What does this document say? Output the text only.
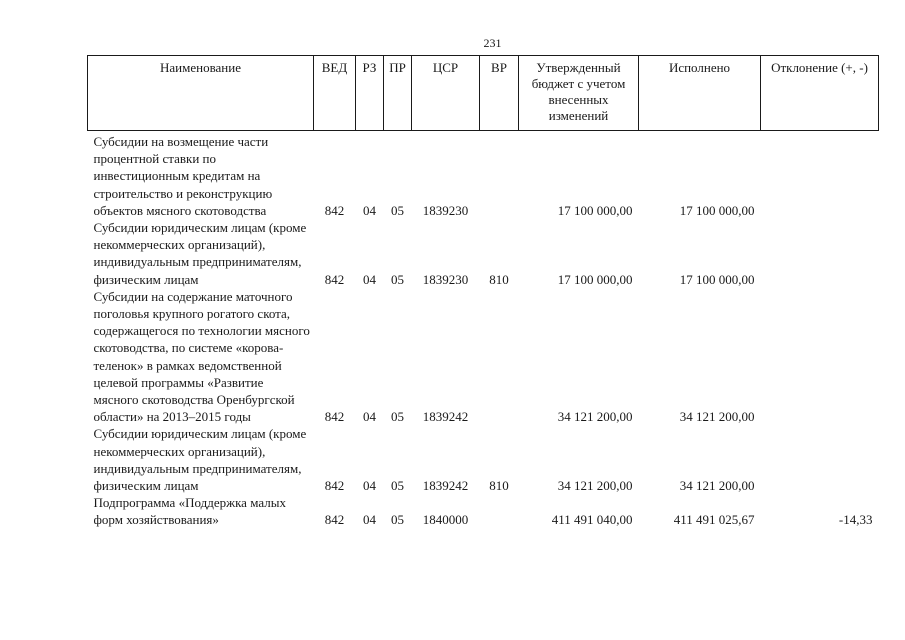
231
Наименование	ВЕД	РЗ	ПР	ЦСР	ВР	Утвержденный бюджет с учетом внесенных изменений	Исполнено	Отклонение (+, -)
Субсидии на возмещение части процентной ставки по инвестиционным кредитам на строительство и реконструкцию объектов мясного скотоводства	842	04	05	1839230		17 100 000,00	17 100 000,00	
Субсидии юридическим лицам (кроме некоммерческих организаций), индивидуальным предпринимателям, физическим лицам	842	04	05	1839230	810	17 100 000,00	17 100 000,00	
Субсидии на содержание маточного поголовья крупного рогатого скота, содержащегося по технологии мясного скотоводства, по системе «корова-теленок» в рамках ведомственной целевой программы «Развитие мясного скотоводства Оренбургской области» на 2013–2015 годы	842	04	05	1839242		34 121 200,00	34 121 200,00	
Субсидии юридическим лицам (кроме некоммерческих организаций), индивидуальным предпринимателям, физическим лицам	842	04	05	1839242	810	34 121 200,00	34 121 200,00	
Подпрограмма «Поддержка малых форм хозяйствования»	842	04	05	1840000		411 491 040,00	411 491 025,67	-14,33
